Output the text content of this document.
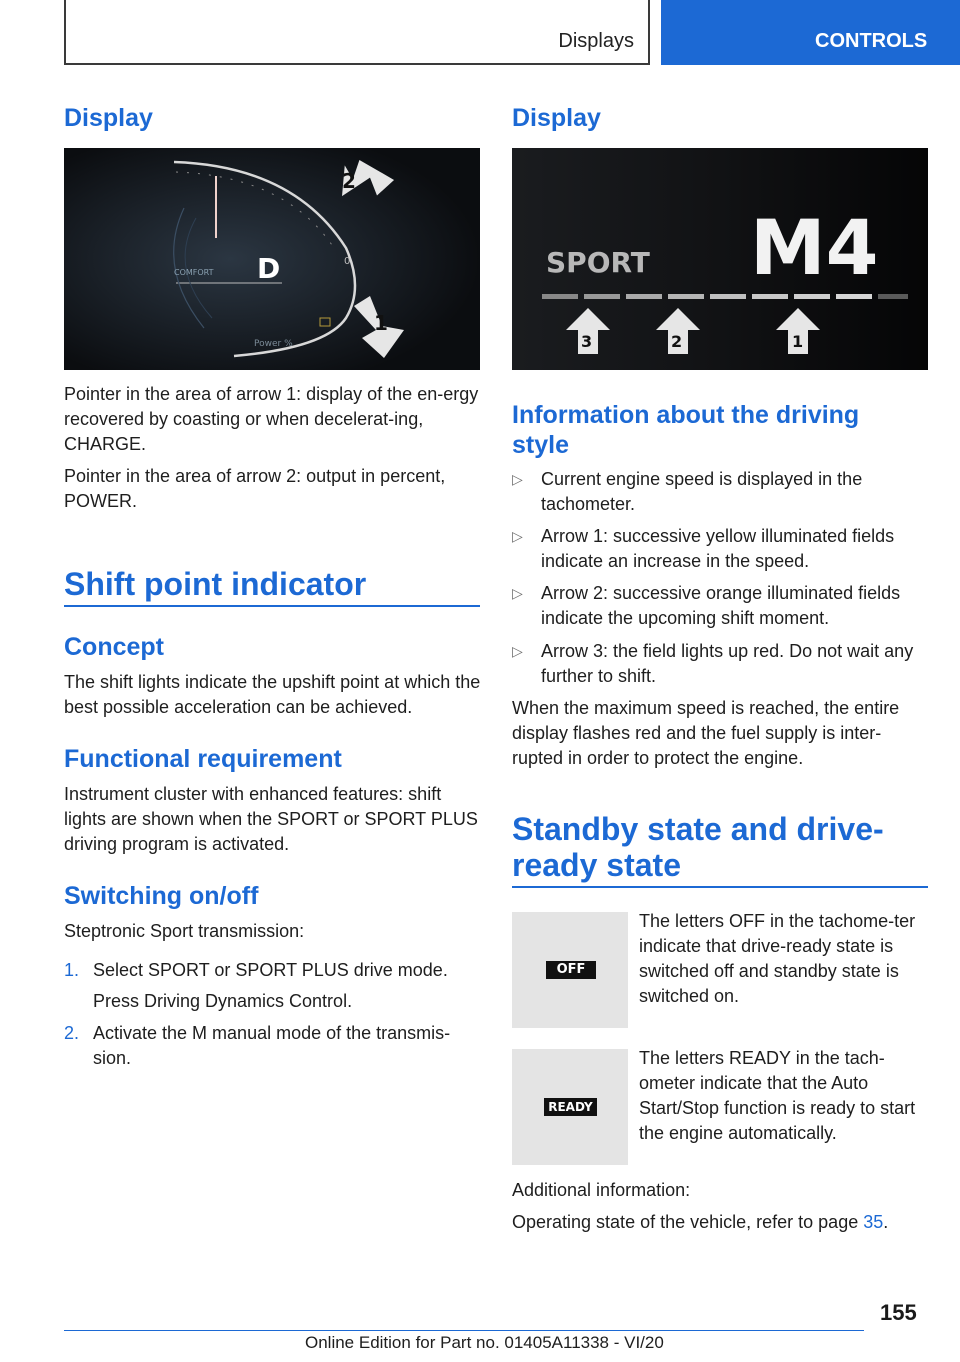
Displays	CONTROLS
Display
COMFORT D
Power %
0
2
1
Pointer in the area of arrow 1: display of the en‐ergy recovered by coasting or when decelerat‐ing, CHARGE.
Pointer in the area of arrow 2: output in percent, POWER.
Shift point indicator
Concept
The shift lights indicate the upshift point at which the best possible acceleration can be achieved.
Functional requirement
Instrument cluster with enhanced features: shift lights are shown when the SPORT or SPORT PLUS driving program is activated.
Switching on/off
Steptronic Sport transmission:
1. Select SPORT or SPORT PLUS drive mode.
Press Driving Dynamics Control.
2. Activate the M manual mode of the transmis‐sion.
Display
SPORT M4
3	2	1
Information about the driving style
▷ Current engine speed is displayed in the tachometer.
▷ Arrow 1: successive yellow illuminated fields indicate an increase in the speed.
▷ Arrow 2: successive orange illuminated fields indicate the upcoming shift moment.
▷ Arrow 3: the field lights up red. Do not wait any further to shift.
When the maximum speed is reached, the entire display flashes red and the fuel supply is inter‐rupted in order to protect the engine.
Standby state and drive‐ready state
OFF
The letters OFF in the tachome‐ter indicate that drive-ready state is switched off and standby state is switched on.
READY
The letters READY in the tach‐ometer indicate that the Auto Start/Stop function is ready to start the engine automatically.
Additional information:
Operating state of the vehicle, refer to page 35.
155
Online Edition for Part no. 01405A11338 - VI/20
